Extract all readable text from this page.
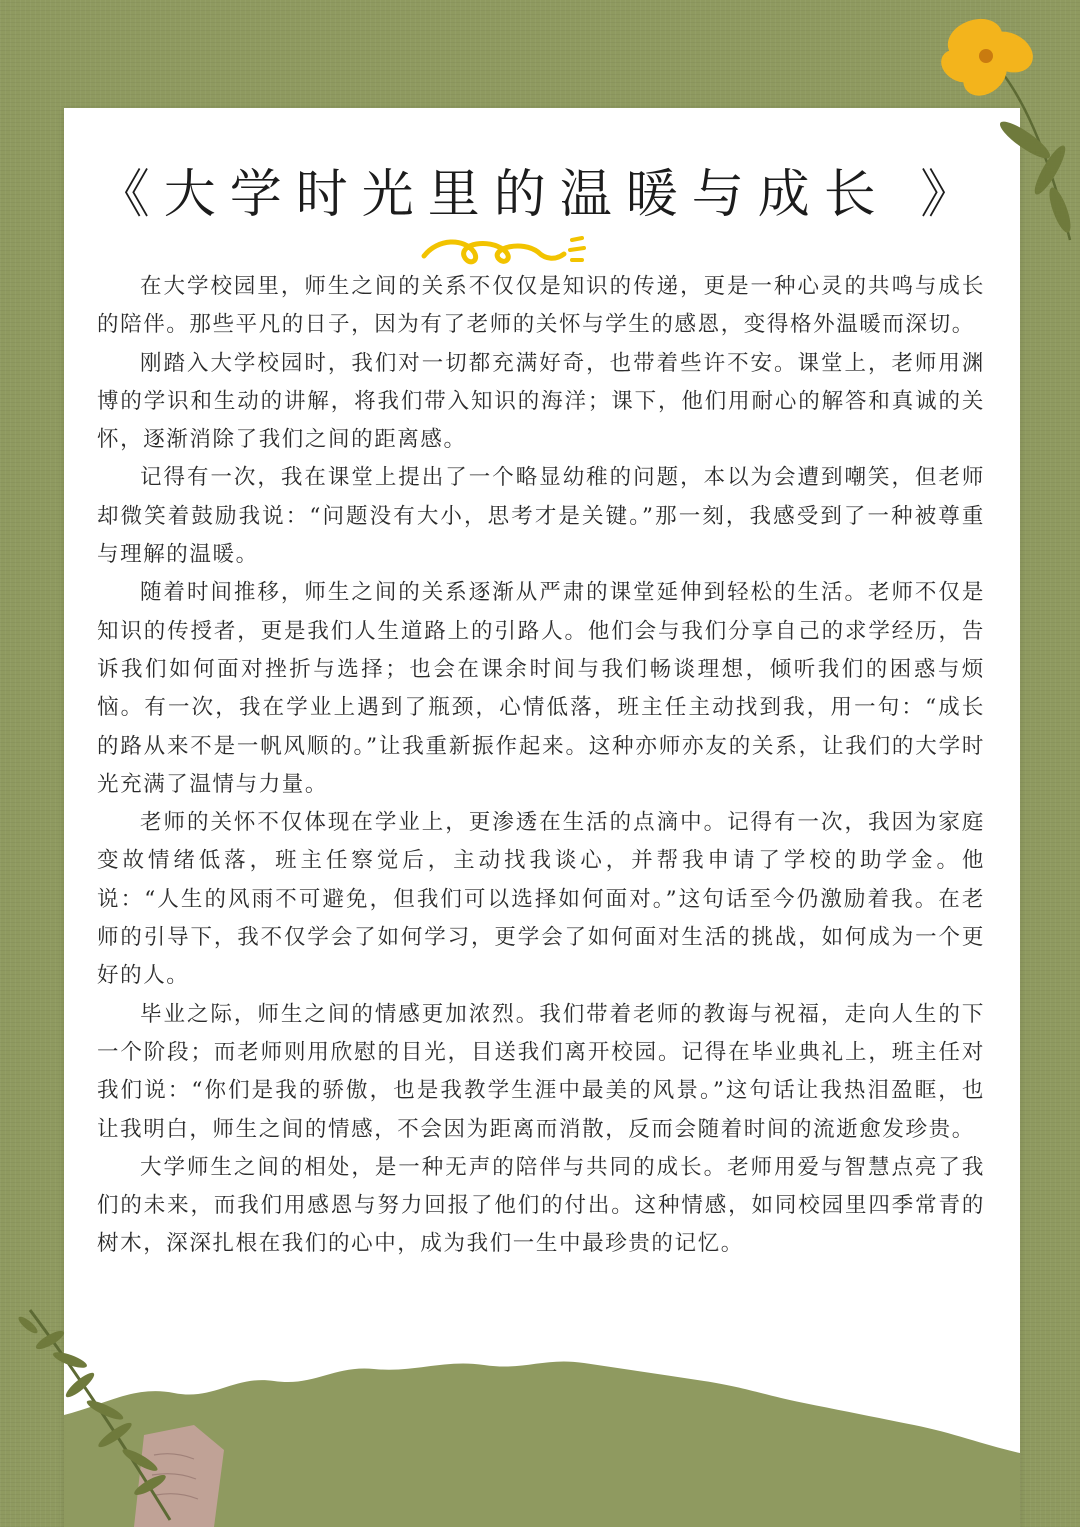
《大学时光里的温暖与成长 》

在大学校园里，师生之间的关系不仅仅是知识的传递，更是一种心灵的共鸣与成长的陪伴。那些平凡的日子，因为有了老师的关怀与学生的感恩，变得格外温暖而深切。

刚踏入大学校园时，我们对一切都充满好奇，也带着些许不安。课堂上，老师用渊博的学识和生动的讲解，将我们带入知识的海洋；课下，他们用耐心的解答和真诚的关怀，逐渐消除了我们之间的距离感。

记得有一次，我在课堂上提出了一个略显幼稚的问题，本以为会遭到嘲笑，但老师却微笑着鼓励我说：“问题没有大小，思考才是关键。”那一刻，我感受到了一种被尊重与理解的温暖。

随着时间推移，师生之间的关系逐渐从严肃的课堂延伸到轻松的生活。老师不仅是知识的传授者，更是我们人生道路上的引路人。他们会与我们分享自己的求学经历，告诉我们如何面对挫折与选择；也会在课余时间与我们畅谈理想，倾听我们的困惑与烦恼。有一次，我在学业上遇到了瓶颈，心情低落，班主任主动找到我，用一句：“成长的路从来不是一帆风顺的。”让我重新振作起来。这种亦师亦友的关系，让我们的大学时光充满了温情与力量。

老师的关怀不仅体现在学业上，更渗透在生活的点滴中。记得有一次，我因为家庭变故情绪低落，班主任察觉后，主动找我谈心，并帮我申请了学校的助学金。他说：“人生的风雨不可避免，但我们可以选择如何面对。”这句话至今仍激励着我。在老师的引导下，我不仅学会了如何学习，更学会了如何面对生活的挑战，如何成为一个更好的人。

毕业之际，师生之间的情感更加浓烈。我们带着老师的教诲与祝福，走向人生的下一个阶段；而老师则用欣慰的目光，目送我们离开校园。记得在毕业典礼上，班主任对我们说：“你们是我的骄傲，也是我教学生涯中最美的风景。”这句话让我热泪盈眶，也让我明白，师生之间的情感，不会因为距离而消散，反而会随着时间的流逝愈发珍贵。

大学师生之间的相处，是一种无声的陪伴与共同的成长。老师用爱与智慧点亮了我们的未来，而我们用感恩与努力回报了他们的付出。这种情感，如同校园里四季常青的树木，深深扎根在我们的心中，成为我们一生中最珍贵的记忆。
